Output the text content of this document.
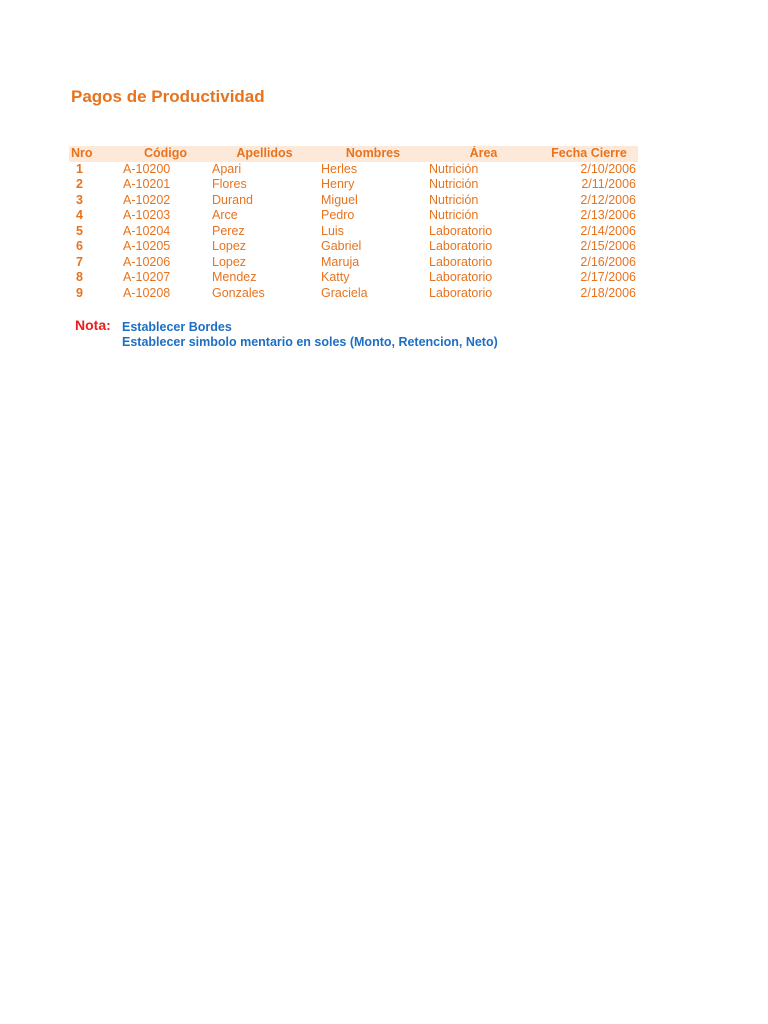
Pagos de Productividad
Nro	Código	Apellidos	Nombres	Área	Fecha Cierre
1	A-10200	Apari	Herles	Nutrición	2/10/2006
2	A-10201	Flores	Henry	Nutrición	2/11/2006
3	A-10202	Durand	Miguel	Nutrición	2/12/2006
4	A-10203	Arce	Pedro	Nutrición	2/13/2006
5	A-10204	Perez	Luis	Laboratorio	2/14/2006
6	A-10205	Lopez	Gabriel	Laboratorio	2/15/2006
7	A-10206	Lopez	Maruja	Laboratorio	2/16/2006
8	A-10207	Mendez	Katty	Laboratorio	2/17/2006
9	A-10208	Gonzales	Graciela	Laboratorio	2/18/2006
Nota: Establecer Bordes
Establecer simbolo mentario en soles (Monto, Retencion, Neto)
